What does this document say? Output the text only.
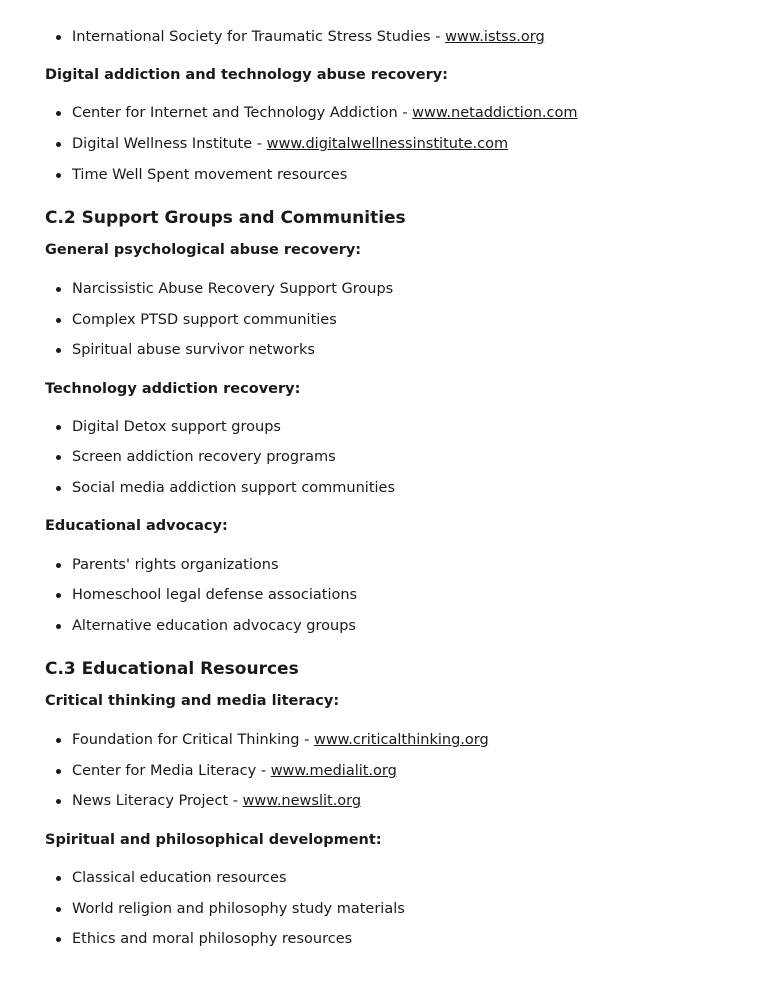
International Society for Traumatic Stress Studies - www.istss.org
Digital addiction and technology abuse recovery:
Center for Internet and Technology Addiction - www.netaddiction.com
Digital Wellness Institute - www.digitalwellnessinstitute.com
Time Well Spent movement resources
C.2 Support Groups and Communities
General psychological abuse recovery:
Narcissistic Abuse Recovery Support Groups
Complex PTSD support communities
Spiritual abuse survivor networks
Technology addiction recovery:
Digital Detox support groups
Screen addiction recovery programs
Social media addiction support communities
Educational advocacy:
Parents' rights organizations
Homeschool legal defense associations
Alternative education advocacy groups
C.3 Educational Resources
Critical thinking and media literacy:
Foundation for Critical Thinking - www.criticalthinking.org
Center for Media Literacy - www.medialit.org
News Literacy Project - www.newslit.org
Spiritual and philosophical development:
Classical education resources
World religion and philosophy study materials
Ethics and moral philosophy resources
